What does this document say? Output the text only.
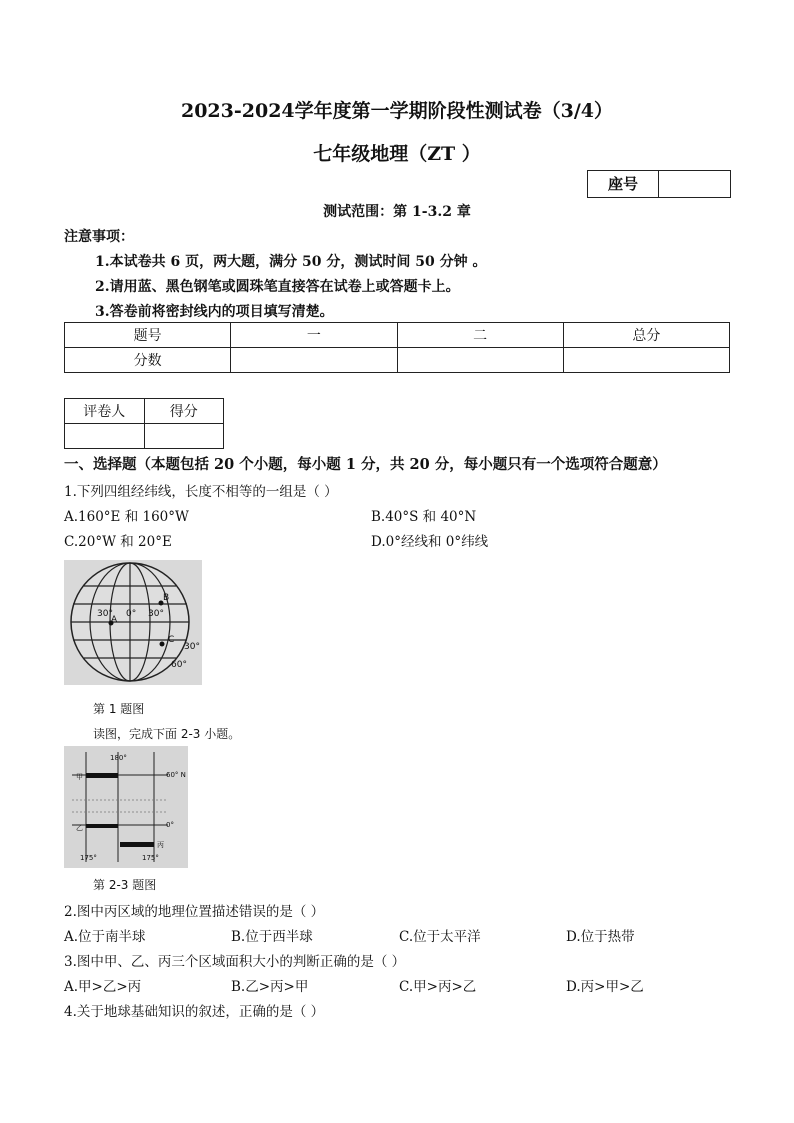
2023-2024学年度第一学期阶段性测试卷（3/4）
七年级地理（ZT ）
座号
测试范围：第 1-3.2 章
注意事项：
1.本试卷共 6 页，两大题，满分 50 分，测试时间 50 分钟 。
2.请用蓝、黑色钢笔或圆珠笔直接答在试卷上或答题卡上。
3.答卷前将密封线内的项目填写清楚。
题号	一	二	总分
分数			
评卷人	得分

一、选择题（本题包括 20 个小题，每小题 1 分，共 20 分，每小题只有一个选项符合题意）
1.下列四组经纬线，长度不相等的一组是（ ）
A.160°E 和 160°W	B.40°S 和 40°N
C.20°W 和 20°E	D.0°经线和 0°纬线
30° 0° 30°
B
A
C
30°
60°
第 1 题图
读图，完成下面 2-3 小题。
180°
60° N
0°
甲
乙
丙
175°	175°
第 2-3 题图
2.图中丙区域的地理位置描述错误的是（ ）
A.位于南半球	B.位于西半球	C.位于太平洋	D.位于热带
3.图中甲、乙、丙三个区域面积大小的判断正确的是（ ）
A.甲>乙>丙	B.乙>丙>甲	C.甲>丙>乙	D.丙>甲>乙
4.关于地球基础知识的叙述，正确的是（ ）
